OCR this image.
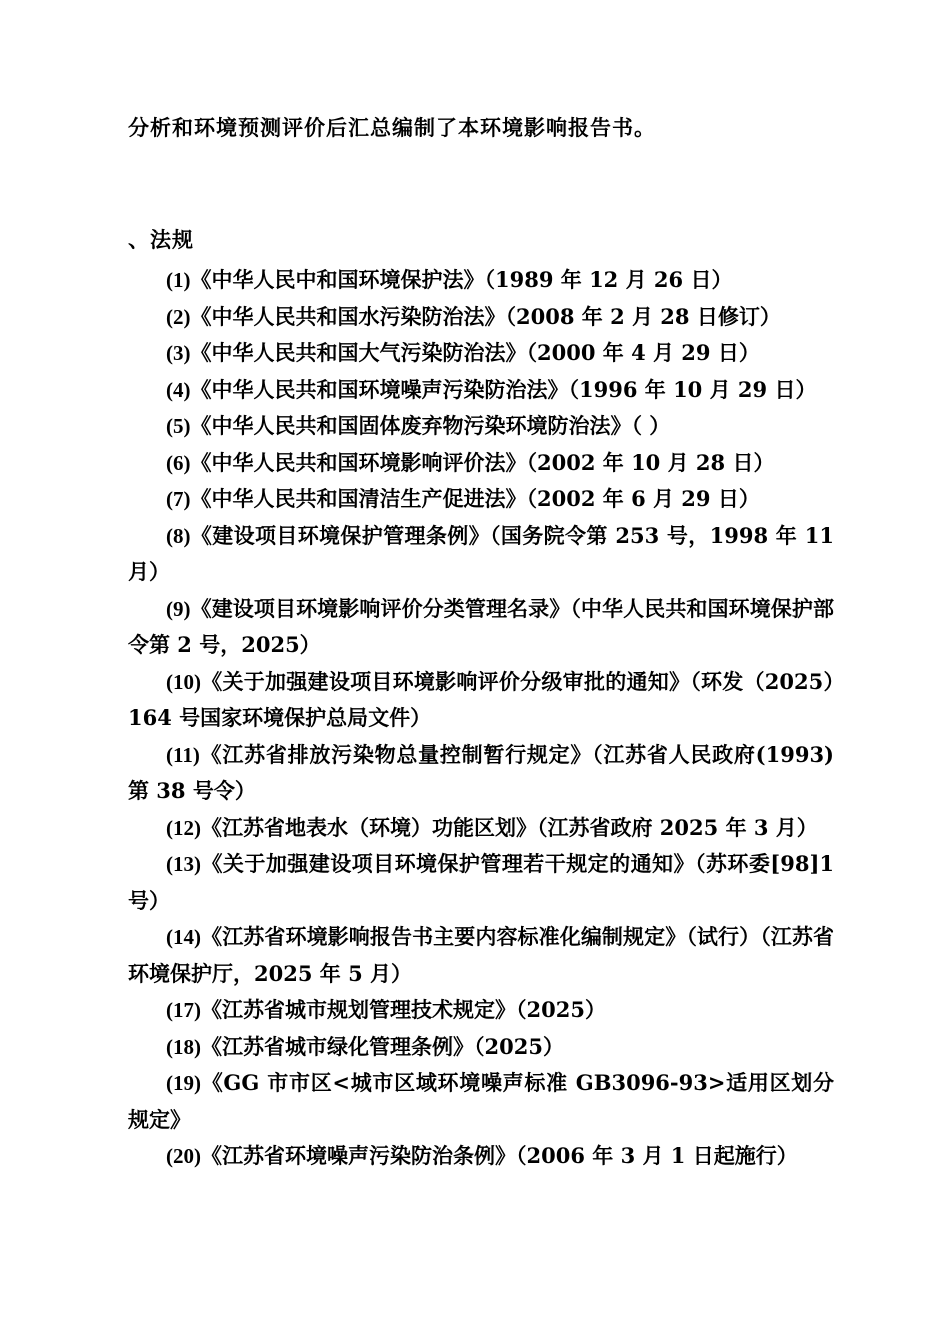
分析和环境预测评价后汇总编制了本环境影响报告书。
、法规
(1)《中华人民中和国环境保护法》（1989 年 12 月 26 日）
(2)《中华人民共和国水污染防治法》（2008 年 2 月 28 日修订）
(3)《中华人民共和国大气污染防治法》（2000 年 4 月 29 日）
(4)《中华人民共和国环境噪声污染防治法》（1996 年 10 月 29 日）
(5)《中华人民共和国固体废弃物污染环境防治法》（ ）
(6)《中华人民共和国环境影响评价法》（2002 年 10 月 28 日）
(7)《中华人民共和国清洁生产促进法》（2002 年 6 月 29 日）
(8)《建设项目环境保护管理条例》（国务院令第 253 号，1998 年 11 月）
(9)《建设项目环境影响评价分类管理名录》（中华人民共和国环境保护部令第 2 号，2025）
(10)《关于加强建设项目环境影响评价分级审批的通知》（环发（2025）164 号国家环境保护总局文件）
(11)《江苏省排放污染物总量控制暂行规定》（江苏省人民政府(1993)第 38 号令）
(12)《江苏省地表水（环境）功能区划》（江苏省政府 2025 年 3 月）
(13)《关于加强建设项目环境保护管理若干规定的通知》（苏环委[98]1 号）
(14)《江苏省环境影响报告书主要内容标准化编制规定》（试行）（江苏省环境保护厅，2025 年 5 月）
(17)《江苏省城市规划管理技术规定》（2025）
(18)《江苏省城市绿化管理条例》（2025）
(19)《GG 市市区<城市区域环境噪声标准 GB3096-93>适用区划分规定》
(20)《江苏省环境噪声污染防治条例》（2006 年 3 月 1 日起施行）
